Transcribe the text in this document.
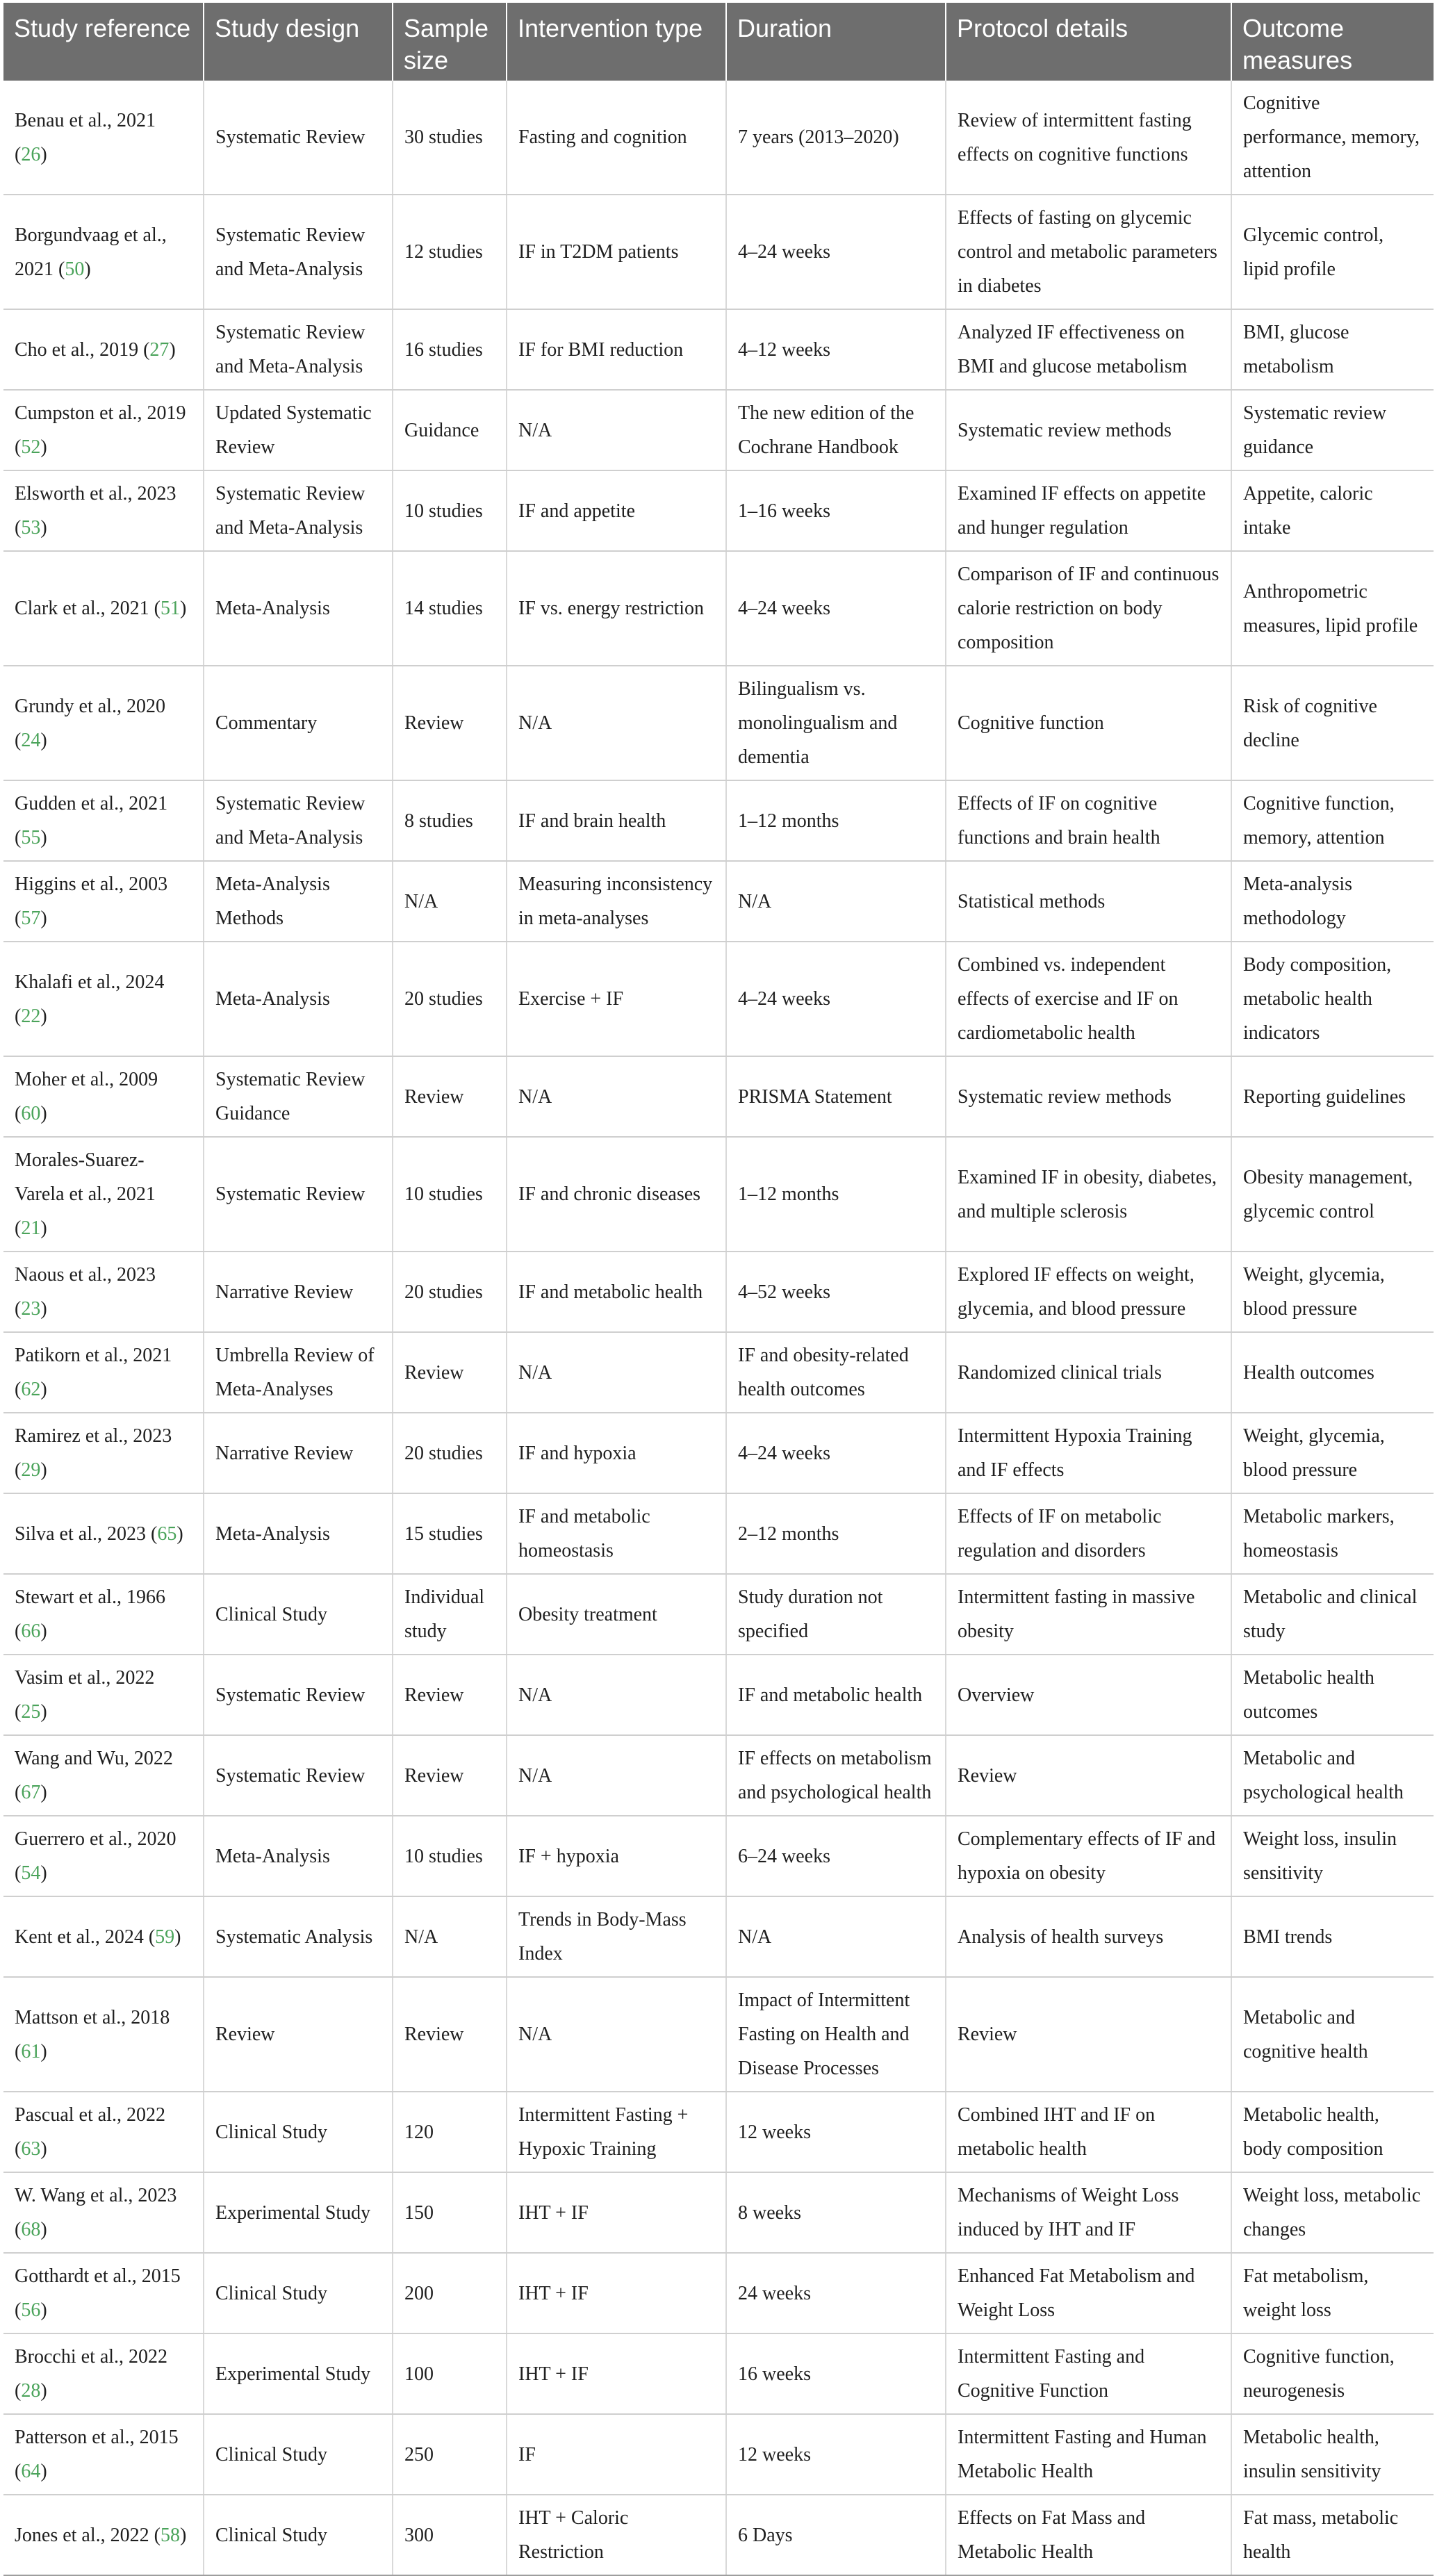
Study reference	Study design	Sample size	Intervention type	Duration	Protocol details	Outcome measures
Benau et al., 2021 (26)	Systematic Review	30 studies	Fasting and cognition	7 years (2013–2020)	Review of intermittent fasting effects on cognitive functions	Cognitive performance, memory, attention
Borgundvaag et al., 2021 (50)	Systematic Review and Meta-Analysis	12 studies	IF in T2DM patients	4–24 weeks	Effects of fasting on glycemic control and metabolic parameters in diabetes	Glycemic control, lipid profile
Cho et al., 2019 (27)	Systematic Review and Meta-Analysis	16 studies	IF for BMI reduction	4–12 weeks	Analyzed IF effectiveness on BMI and glucose metabolism	BMI, glucose metabolism
Cumpston et al., 2019 (52)	Updated Systematic Review	Guidance	N/A	The new edition of the Cochrane Handbook	Systematic review methods	Systematic review guidance
Elsworth et al., 2023 (53)	Systematic Review and Meta-Analysis	10 studies	IF and appetite	1–16 weeks	Examined IF effects on appetite and hunger regulation	Appetite, caloric intake
Clark et al., 2021 (51)	Meta-Analysis	14 studies	IF vs. energy restriction	4–24 weeks	Comparison of IF and continuous calorie restriction on body composition	Anthropometric measures, lipid profile
Grundy et al., 2020 (24)	Commentary	Review	N/A	Bilingualism vs. monolingualism and dementia	Cognitive function	Risk of cognitive decline
Gudden et al., 2021 (55)	Systematic Review and Meta-Analysis	8 studies	IF and brain health	1–12 months	Effects of IF on cognitive functions and brain health	Cognitive function, memory, attention
Higgins et al., 2003 (57)	Meta-Analysis Methods	N/A	Measuring inconsistency in meta-analyses	N/A	Statistical methods	Meta-analysis methodology
Khalafi et al., 2024 (22)	Meta-Analysis	20 studies	Exercise + IF	4–24 weeks	Combined vs. independent effects of exercise and IF on cardiometabolic health	Body composition, metabolic health indicators
Moher et al., 2009 (60)	Systematic Review Guidance	Review	N/A	PRISMA Statement	Systematic review methods	Reporting guidelines
Morales-Suarez-Varela et al., 2021 (21)	Systematic Review	10 studies	IF and chronic diseases	1–12 months	Examined IF in obesity, diabetes, and multiple sclerosis	Obesity management, glycemic control
Naous et al., 2023 (23)	Narrative Review	20 studies	IF and metabolic health	4–52 weeks	Explored IF effects on weight, glycemia, and blood pressure	Weight, glycemia, blood pressure
Patikorn et al., 2021 (62)	Umbrella Review of Meta-Analyses	Review	N/A	IF and obesity-related health outcomes	Randomized clinical trials	Health outcomes
Ramirez et al., 2023 (29)	Narrative Review	20 studies	IF and hypoxia	4–24 weeks	Intermittent Hypoxia Training and IF effects	Weight, glycemia, blood pressure
Silva et al., 2023 (65)	Meta-Analysis	15 studies	IF and metabolic homeostasis	2–12 months	Effects of IF on metabolic regulation and disorders	Metabolic markers, homeostasis
Stewart et al., 1966 (66)	Clinical Study	Individual study	Obesity treatment	Study duration not specified	Intermittent fasting in massive obesity	Metabolic and clinical study
Vasim et al., 2022 (25)	Systematic Review	Review	N/A	IF and metabolic health	Overview	Metabolic health outcomes
Wang and Wu, 2022 (67)	Systematic Review	Review	N/A	IF effects on metabolism and psychological health	Review	Metabolic and psychological health
Guerrero et al., 2020 (54)	Meta-Analysis	10 studies	IF + hypoxia	6–24 weeks	Complementary effects of IF and hypoxia on obesity	Weight loss, insulin sensitivity
Kent et al., 2024 (59)	Systematic Analysis	N/A	Trends in Body-Mass Index	N/A	Analysis of health surveys	BMI trends
Mattson et al., 2018 (61)	Review	Review	N/A	Impact of Intermittent Fasting on Health and Disease Processes	Review	Metabolic and cognitive health
Pascual et al., 2022 (63)	Clinical Study	120	Intermittent Fasting + Hypoxic Training	12 weeks	Combined IHT and IF on metabolic health	Metabolic health, body composition
W. Wang et al., 2023 (68)	Experimental Study	150	IHT + IF	8 weeks	Mechanisms of Weight Loss induced by IHT and IF	Weight loss, metabolic changes
Gotthardt et al., 2015 (56)	Clinical Study	200	IHT + IF	24 weeks	Enhanced Fat Metabolism and Weight Loss	Fat metabolism, weight loss
Brocchi et al., 2022 (28)	Experimental Study	100	IHT + IF	16 weeks	Intermittent Fasting and Cognitive Function	Cognitive function, neurogenesis
Patterson et al., 2015 (64)	Clinical Study	250	IF	12 weeks	Intermittent Fasting and Human Metabolic Health	Metabolic health, insulin sensitivity
Jones et al., 2022 (58)	Clinical Study	300	IHT + Caloric Restriction	6 Days	Effects on Fat Mass and Metabolic Health	Fat mass, metabolic health
